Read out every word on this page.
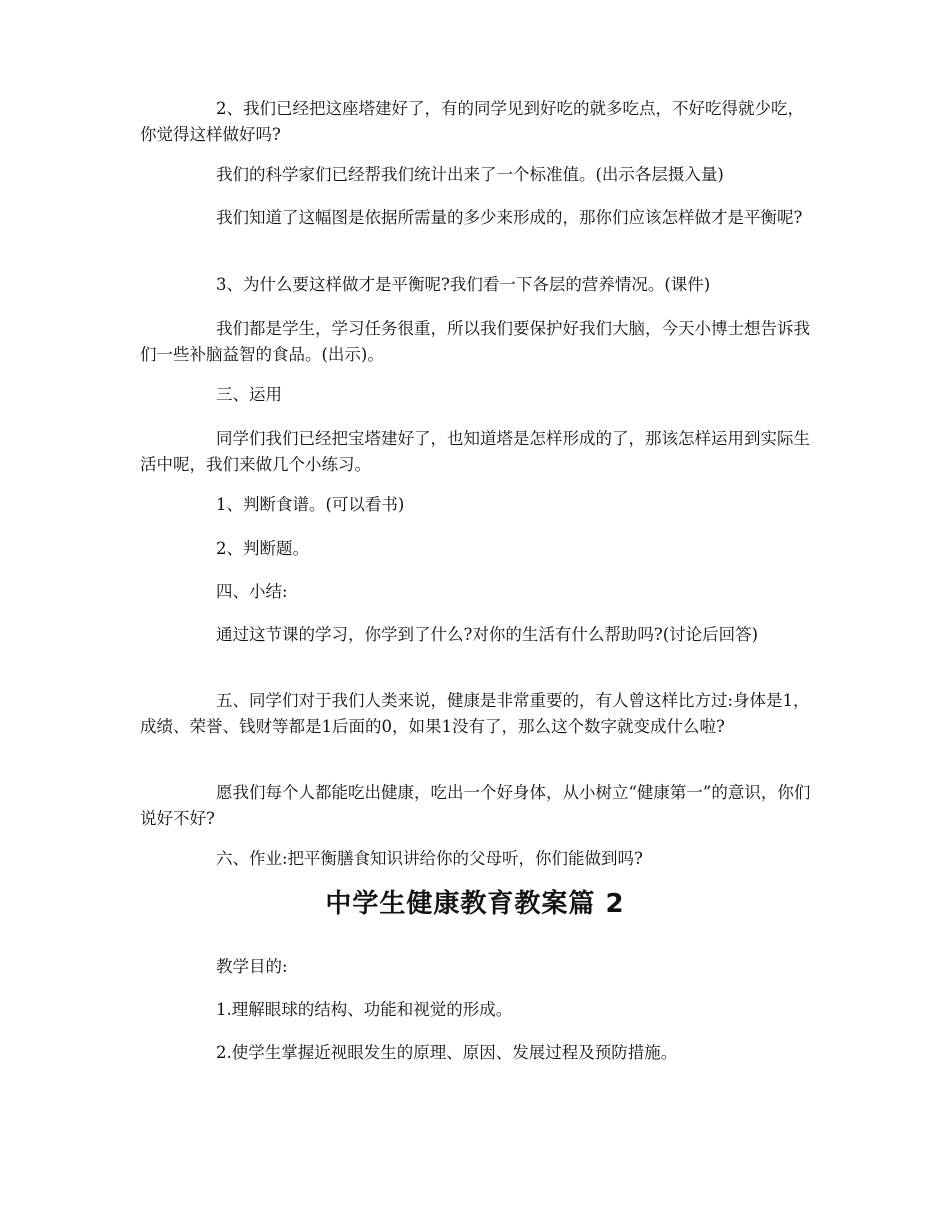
2、我们已经把这座塔建好了，有的同学见到好吃的就多吃点，不好吃得就少吃，你觉得这样做好吗?

我们的科学家们已经帮我们统计出来了一个标准值。(出示各层摄入量)

我们知道了这幅图是依据所需量的多少来形成的，那你们应该怎样做才是平衡呢?

3、为什么要这样做才是平衡呢?我们看一下各层的营养情况。(课件)

我们都是学生，学习任务很重，所以我们要保护好我们大脑，今天小博士想告诉我们一些补脑益智的食品。(出示)。

三、运用

同学们我们已经把宝塔建好了，也知道塔是怎样形成的了，那该怎样运用到实际生活中呢，我们来做几个小练习。

1、判断食谱。(可以看书)

2、判断题。

四、小结:

通过这节课的学习，你学到了什么?对你的生活有什么帮助吗?(讨论后回答)

五、同学们对于我们人类来说，健康是非常重要的，有人曾这样比方过:身体是1，成绩、荣誉、钱财等都是1后面的0，如果1没有了，那么这个数字就变成什么啦?

愿我们每个人都能吃出健康，吃出一个好身体，从小树立“健康第一”的意识，你们说好不好?

六、作业:把平衡膳食知识讲给你的父母听，你们能做到吗?

中学生健康教育教案篇 2

教学目的:

1.理解眼球的结构、功能和视觉的形成。

2.使学生掌握近视眼发生的原理、原因、发展过程及预防措施。
